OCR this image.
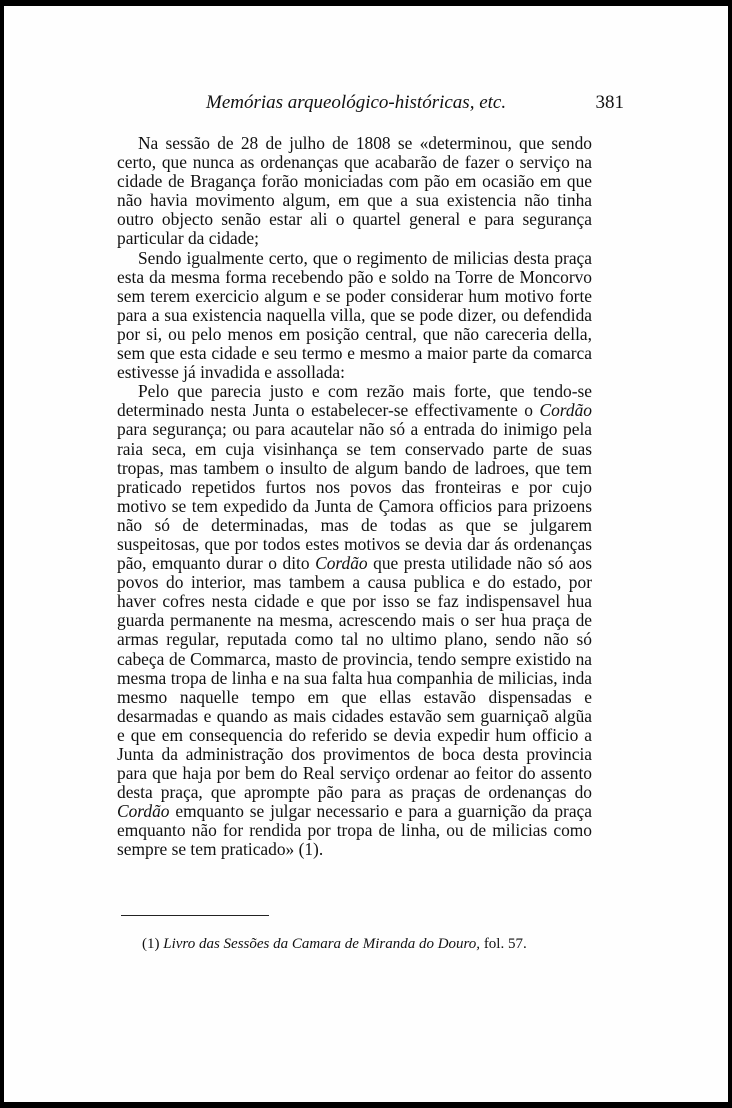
Memórias arqueológico-históricas, etc.	381

Na sessão de 28 de julho de 1808 se «determinou, que sendo certo, que nunca as ordenanças que acabarão de fazer o serviço na cidade de Bragança forão moniciadas com pão em ocasião em que não havia movimento algum, em que a sua existencia não tinha outro objecto senão estar ali o quartel general e para segurança particular da cidade;

Sendo igualmente certo, que o regimento de milicias desta praça esta da mesma forma recebendo pão e soldo na Torre de Moncorvo sem terem exercicio algum e se poder considerar hum motivo forte para a sua existencia naquella villa, que se pode dizer, ou defendida por si, ou pelo menos em posição central, que não careceria della, sem que esta cidade e seu termo e mesmo a maior parte da comarca estivesse já invadida e assollada:

Pelo que parecia justo e com rezão mais forte, que tendo-se determinado nesta Junta o estabelecer-se effectivamente o Cordão para segurança; ou para acautelar não só a entrada do inimigo pela raia seca, em cuja visinhança se tem conservado parte de suas tropas, mas tambem o insulto de algum bando de ladroes, que tem praticado repetidos furtos nos povos das fronteiras e por cujo motivo se tem expedido da Junta de Çamora officios para prizoens não só de determinadas, mas de todas as que se julgarem suspeitosas, que por todos estes motivos se devia dar ás ordenanças pão, emquanto durar o dito Cordão que presta utilidade não só aos povos do interior, mas tambem a causa publica e do estado, por haver cofres nesta cidade e que por isso se faz indispensavel hua guarda permanente na mesma, acrescendo mais o ser hua praça de armas regular, reputada como tal no ultimo plano, sendo não só cabeça de Commarca, masto de provincia, tendo sempre existido na mesma tropa de linha e na sua falta hua companhia de milicias, inda mesmo naquelle tempo em que ellas estavão dispensadas e desarmadas e quando as mais cidades estavão sem guarniçaõ algũa e que em consequencia do referido se devia expedir hum officio a Junta da administração dos provimentos de boca desta provincia para que haja por bem do Real serviço ordenar ao feitor do assento desta praça, que aprompte pão para as praças de ordenanças do Cordão emquanto se julgar necessario e para a guarnição da praça emquanto não for rendida por tropa de linha, ou de milicias como sempre se tem praticado» (1).

(1) Livro das Sessões da Camara de Miranda do Douro, fol. 57.
